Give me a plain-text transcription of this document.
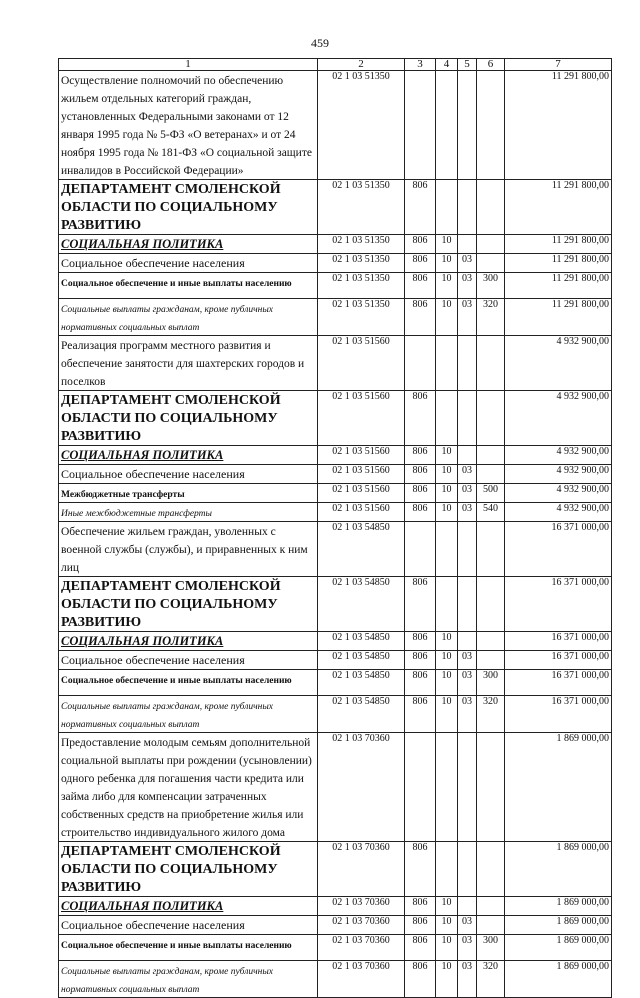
459
1	2	3	4	5	6	7
Осуществление полномочий по обеспечению жильем отдельных категорий граждан, установленных Федеральными законами от 12 января 1995 года № 5-ФЗ «О ветеранах» и от 24 ноября 1995 года № 181-ФЗ «О социальной защите инвалидов в Российской Федерации»	02 1 03 51350					11 291 800,00
ДЕПАРТАМЕНТ СМОЛЕНСКОЙ ОБЛАСТИ ПО СОЦИАЛЬНОМУ РАЗВИТИЮ	02 1 03 51350	806				11 291 800,00
СОЦИАЛЬНАЯ ПОЛИТИКА	02 1 03 51350	806	10			11 291 800,00
Социальное обеспечение населения	02 1 03 51350	806	10	03		11 291 800,00
Социальное обеспечение и иные выплаты населению	02 1 03 51350	806	10	03	300	11 291 800,00
Социальные выплаты гражданам, кроме публичных нормативных социальных выплат	02 1 03 51350	806	10	03	320	11 291 800,00
Реализация программ местного развития и обеспечение занятости для шахтерских городов и поселков	02 1 03 51560					4 932 900,00
ДЕПАРТАМЕНТ СМОЛЕНСКОЙ ОБЛАСТИ ПО СОЦИАЛЬНОМУ РАЗВИТИЮ	02 1 03 51560	806				4 932 900,00
СОЦИАЛЬНАЯ ПОЛИТИКА	02 1 03 51560	806	10			4 932 900,00
Социальное обеспечение населения	02 1 03 51560	806	10	03		4 932 900,00
Межбюджетные трансферты	02 1 03 51560	806	10	03	500	4 932 900,00
Иные межбюджетные трансферты	02 1 03 51560	806	10	03	540	4 932 900,00
Обеспечение жильем граждан, уволенных с военной службы (службы), и приравненных к ним лиц	02 1 03 54850					16 371 000,00
ДЕПАРТАМЕНТ СМОЛЕНСКОЙ ОБЛАСТИ ПО СОЦИАЛЬНОМУ РАЗВИТИЮ	02 1 03 54850	806				16 371 000,00
СОЦИАЛЬНАЯ ПОЛИТИКА	02 1 03 54850	806	10			16 371 000,00
Социальное обеспечение населения	02 1 03 54850	806	10	03		16 371 000,00
Социальное обеспечение и иные выплаты населению	02 1 03 54850	806	10	03	300	16 371 000,00
Социальные выплаты гражданам, кроме публичных нормативных социальных выплат	02 1 03 54850	806	10	03	320	16 371 000,00
Предоставление молодым семьям дополнительной социальной выплаты при рождении (усыновлении) одного ребенка для погашения части кредита или займа либо для компенсации затраченных собственных средств на приобретение жилья или строительство индивидуального жилого дома	02 1 03 70360					1 869 000,00
ДЕПАРТАМЕНТ СМОЛЕНСКОЙ ОБЛАСТИ ПО СОЦИАЛЬНОМУ РАЗВИТИЮ	02 1 03 70360	806				1 869 000,00
СОЦИАЛЬНАЯ ПОЛИТИКА	02 1 03 70360	806	10			1 869 000,00
Социальное обеспечение населения	02 1 03 70360	806	10	03		1 869 000,00
Социальное обеспечение и иные выплаты населению	02 1 03 70360	806	10	03	300	1 869 000,00
Социальные выплаты гражданам, кроме публичных нормативных социальных выплат	02 1 03 70360	806	10	03	320	1 869 000,00
